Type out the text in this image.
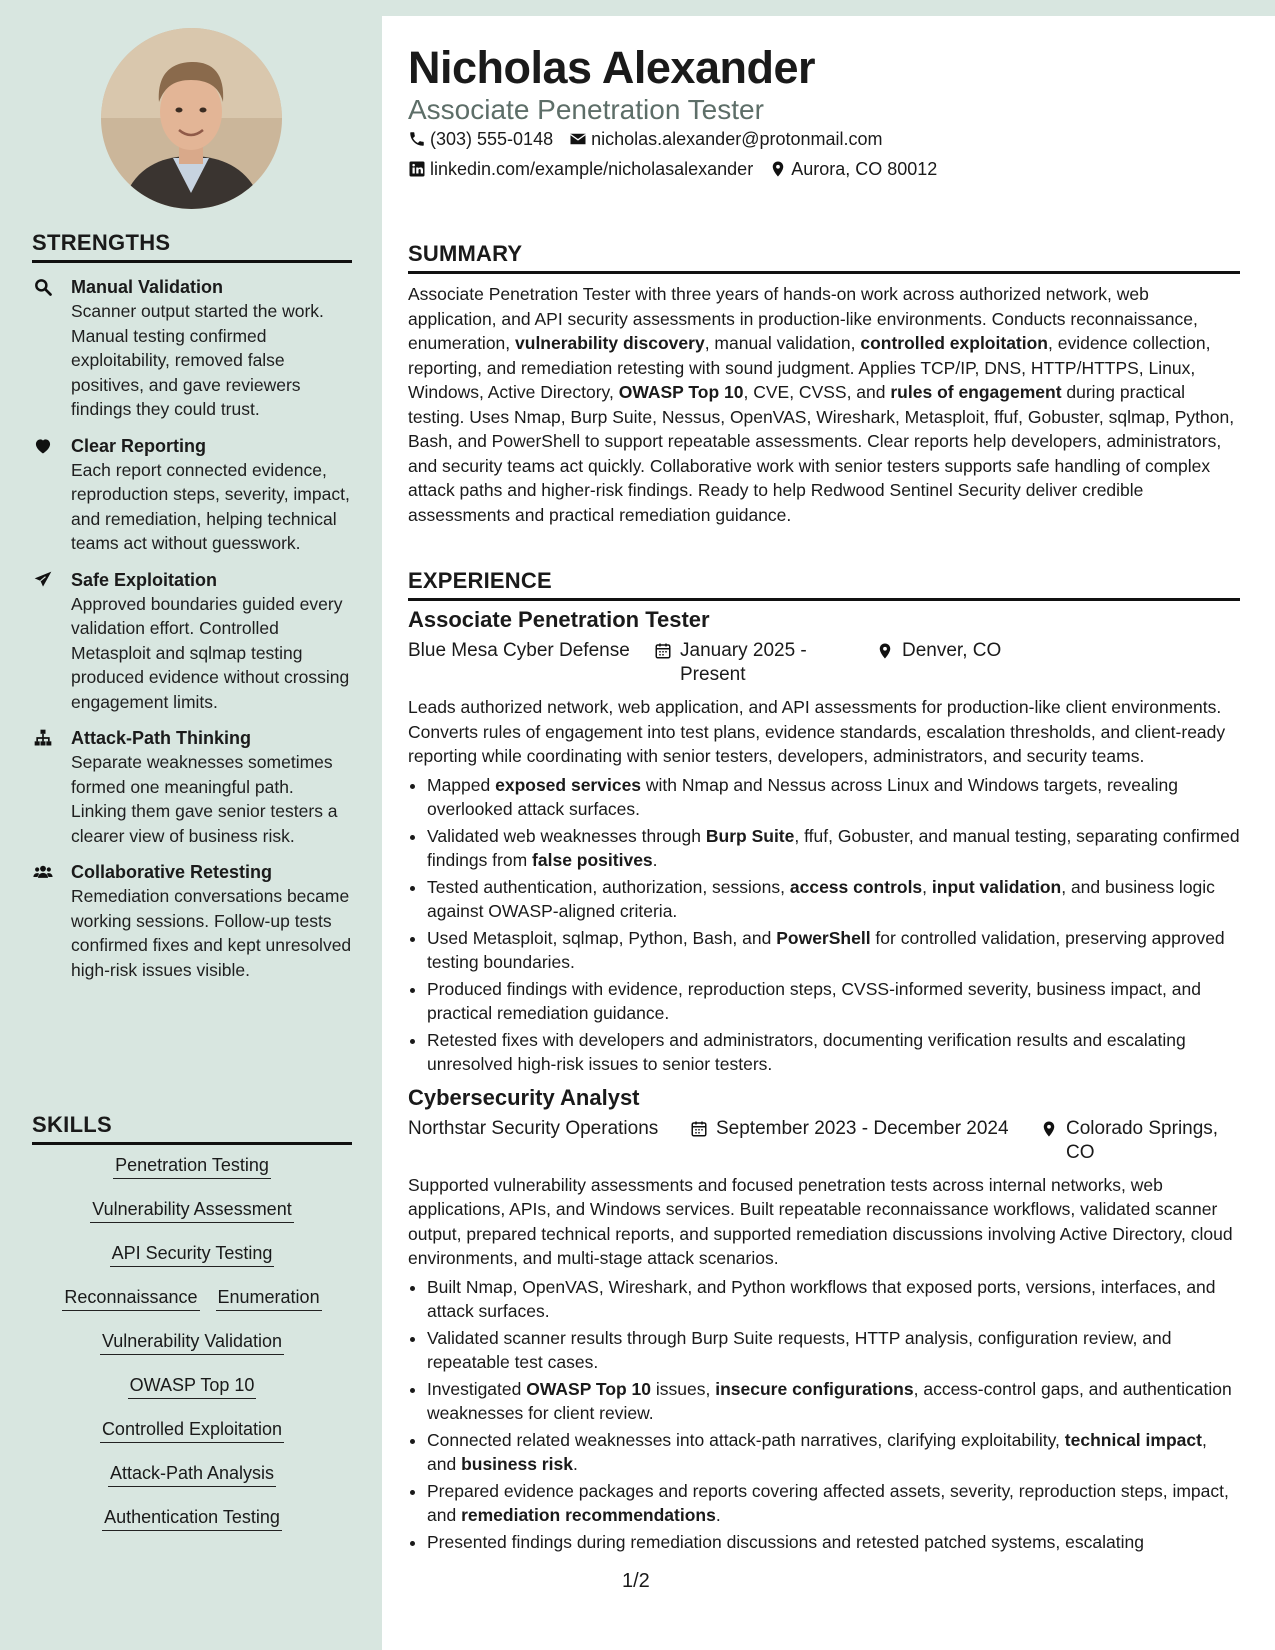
Nicholas Alexander
Associate Penetration Tester
(303) 555-0148 nicholas.alexander@protonmail.com
linkedin.com/example/nicholasalexander Aurora, CO 80012
STRENGTHS
Manual Validation
Scanner output started the work. Manual testing confirmed exploitability, removed false positives, and gave reviewers findings they could trust.
Clear Reporting
Each report connected evidence, reproduction steps, severity, impact, and remediation, helping technical teams act without guesswork.
Safe Exploitation
Approved boundaries guided every validation effort. Controlled Metasploit and sqlmap testing produced evidence without crossing engagement limits.
Attack-Path Thinking
Separate weaknesses sometimes formed one meaningful path. Linking them gave senior testers a clearer view of business risk.
Collaborative Retesting
Remediation conversations became working sessions. Follow-up tests confirmed fixes and kept unresolved high-risk issues visible.
SKILLS
Penetration Testing
Vulnerability Assessment
API Security Testing
Reconnaissance Enumeration
Vulnerability Validation
OWASP Top 10
Controlled Exploitation
Attack-Path Analysis
Authentication Testing
SUMMARY

Associate Penetration Tester with three years of hands-on work across authorized network, web application, and API security assessments in production-like environments. Conducts reconnaissance, enumeration, vulnerability discovery, manual validation, controlled exploitation, evidence collection, reporting, and remediation retesting with sound judgment. Applies TCP/IP, DNS, HTTP/HTTPS, Linux, Windows, Active Directory, OWASP Top 10, CVE, CVSS, and rules of engagement during practical testing. Uses Nmap, Burp Suite, Nessus, OpenVAS, Wireshark, Metasploit, ffuf, Gobuster, sqlmap, Python, Bash, and PowerShell to support repeatable assessments. Clear reports help developers, administrators, and security teams act quickly. Collaborative work with senior testers supports safe handling of complex attack paths and higher-risk findings. Ready to help Redwood Sentinel Security deliver credible assessments and practical remediation guidance.

EXPERIENCE
Associate Penetration Tester
Blue Mesa Cyber Defense	January 2025 - Present
Denver, CO

Leads authorized network, web application, and API assessments for production-like client environments. Converts rules of engagement into test plans, evidence standards, escalation thresholds, and client-ready reporting while coordinating with senior testers, developers, administrators, and security teams.

• Mapped exposed services with Nmap and Nessus across Linux and Windows targets, revealing overlooked attack surfaces.
• Validated web weaknesses through Burp Suite, ffuf, Gobuster, and manual testing, separating confirmed findings from false positives.
• Tested authentication, authorization, sessions, access controls, input validation, and business logic against OWASP-aligned criteria.
• Used Metasploit, sqlmap, Python, Bash, and PowerShell for controlled validation, preserving approved testing boundaries.
• Produced findings with evidence, reproduction steps, CVSS-informed severity, business impact, and practical remediation guidance.
• Retested fixes with developers and administrators, documenting verification results and escalating unresolved high-risk issues to senior testers.
Cybersecurity Analyst
Northstar Security Operations	September 2023 - December 2024	Colorado Springs, CO

Supported vulnerability assessments and focused penetration tests across internal networks, web applications, APIs, and Windows services. Built repeatable reconnaissance workflows, validated scanner output, prepared technical reports, and supported remediation discussions involving Active Directory, cloud environments, and multi-stage attack scenarios.

• Built Nmap, OpenVAS, Wireshark, and Python workflows that exposed ports, versions, interfaces, and attack surfaces.
• Validated scanner results through Burp Suite requests, HTTP analysis, configuration review, and repeatable test cases.
• Investigated OWASP Top 10 issues, insecure configurations, access-control gaps, and authentication weaknesses for client review.
• Connected related weaknesses into attack-path narratives, clarifying exploitability, technical impact, and business risk.
• Prepared evidence packages and reports covering affected assets, severity, reproduction steps, impact, and remediation recommendations.
• Presented findings during remediation discussions and retested patched systems, escalating
1/2
